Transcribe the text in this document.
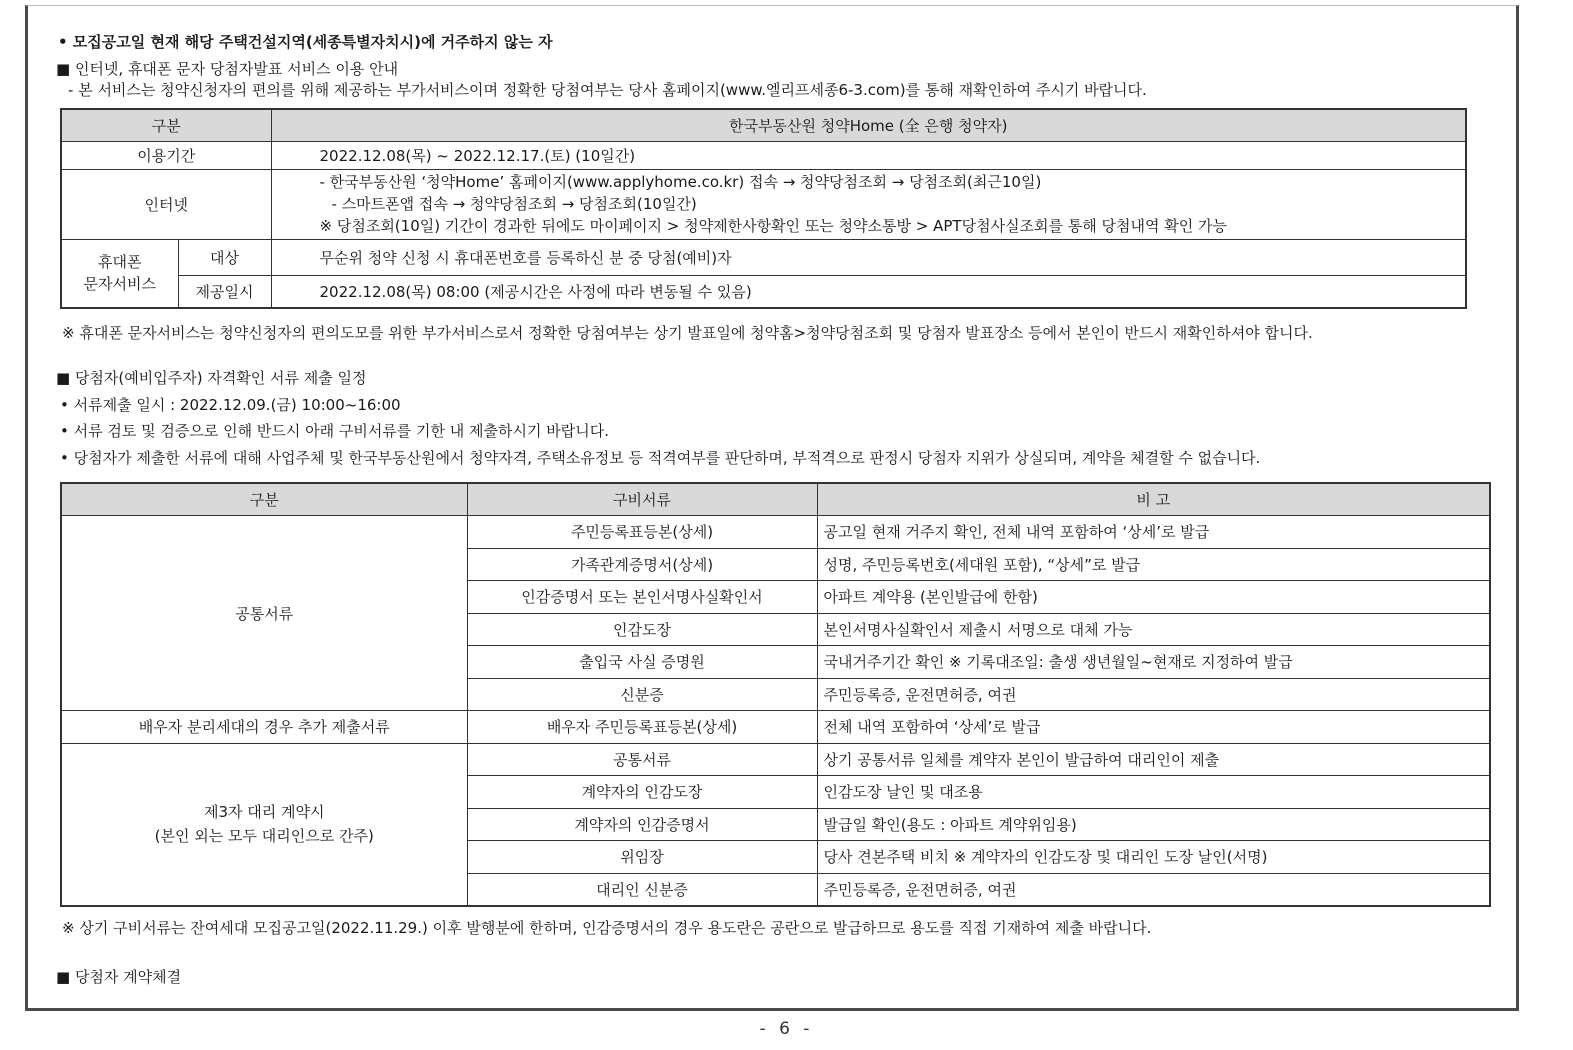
• 모집공고일 현재 해당 주택건설지역(세종특별자치시)에 거주하지 않는 자
■ 인터넷, 휴대폰 문자 당첨자발표 서비스 이용 안내
- 본 서비스는 청약신청자의 편의를 위해 제공하는 부가서비스이며 정확한 당첨여부는 당사 홈페이지(www.엘리프세종6-3.com)를 통해 재확인하여 주시기 바랍니다.
구분		한국부동산원 청약Home (全 은행 청약자)
이용기간		2022.12.08(목) ~ 2022.12.17.(토) (10일간)
인터넷		- 한국부동산원 ‘청약Home’ 홈페이지(www.applyhome.co.kr) 접속 → 청약당첨조회 → 당첨조회(최근10일)
- 스마트폰앱 접속 → 청약당첨조회 → 당첨조회(10일간)
※ 당첨조회(10일) 기간이 경과한 뒤에도 마이페이지 > 청약제한사항확인 또는 청약소통방 > APT당첨사실조회를 통해 당첨내역 확인 가능

휴대폰
문자서비스	대상	무순위 청약 신청 시 휴대폰번호를 등록하신 분 중 당첨(예비)자
	제공일시	2022.12.08(목) 08:00 (제공시간은 사정에 따라 변동될 수 있음)
※ 휴대폰 문자서비스는 청약신청자의 편의도모를 위한 부가서비스로서 정확한 당첨여부는 상기 발표일에 청약홈>청약당첨조회 및 당첨자 발표장소 등에서 본인이 반드시 재확인하셔야 합니다.
■ 당첨자(예비입주자) 자격확인 서류 제출 일정
• 서류제출 일시 : 2022.12.09.(금) 10:00~16:00
• 서류 검토 및 검증으로 인해 반드시 아래 구비서류를 기한 내 제출하시기 바랍니다.
• 당첨자가 제출한 서류에 대해 사업주체 및 한국부동산원에서 청약자격, 주택소유정보 등 적격여부를 판단하며, 부적격으로 판정시 당첨자 지위가 상실되며, 계약을 체결할 수 없습니다.
구분	구비서류	비 고
공통서류	주민등록표등본(상세)	공고일 현재 거주지 확인, 전체 내역 포함하여 ‘상세’로 발급
	가족관계증명서(상세)	성명, 주민등록번호(세대원 포함), “상세”로 발급
	인감증명서 또는 본인서명사실확인서	아파트 계약용 (본인발급에 한함)
	인감도장	본인서명사실확인서 제출시 서명으로 대체 가능
	출입국 사실 증명원	국내거주기간 확인 ※ 기록대조일: 출생 생년월일~현재로 지정하여 발급
	신분증	주민등록증, 운전면허증, 여권
배우자 분리세대의 경우 추가 제출서류	배우자 주민등록표등본(상세)	전체 내역 포함하여 ‘상세’로 발급

제3자 대리 계약시
(본인 외는 모두 대리인으로 간주)	공통서류	상기 공통서류 일체를 계약자 본인이 발급하여 대리인이 제출
	계약자의 인감도장	인감도장 날인 및 대조용
	계약자의 인감증명서	발급일 확인(용도 : 아파트 계약위임용)
	위임장	당사 견본주택 비치 ※ 계약자의 인감도장 및 대리인 도장 날인(서명)
	대리인 신분증	주민등록증, 운전면허증, 여권
※ 상기 구비서류는 잔여세대 모집공고일(2022.11.29.) 이후 발행분에 한하며, 인감증명서의 경우 용도란은 공란으로 발급하므로 용도를 직접 기재하여 제출 바랍니다.
■ 당첨자 계약체결
- 6 -
